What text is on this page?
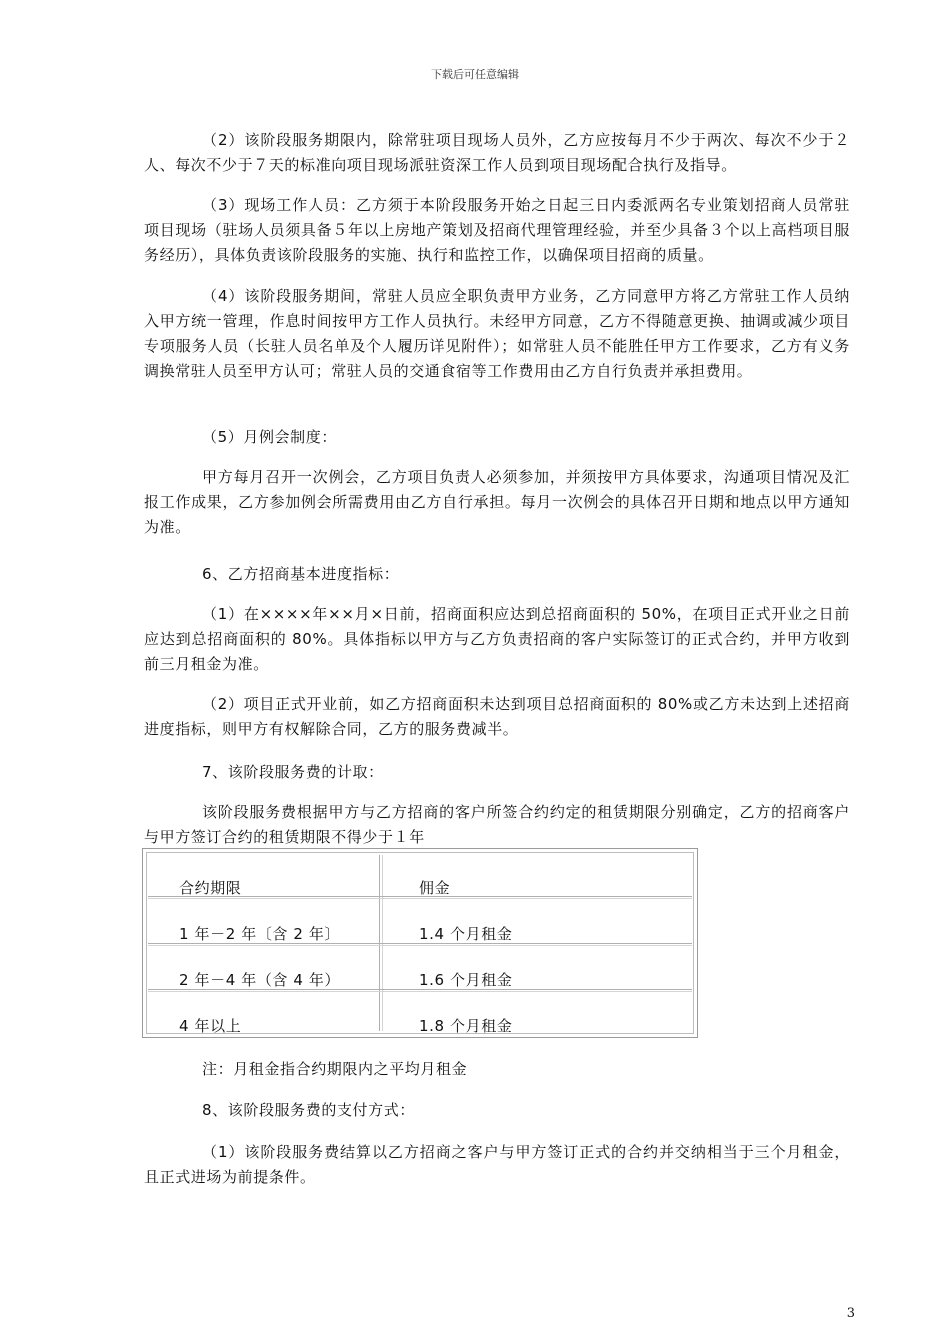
下载后可任意编辑
（2）该阶段服务期限内，除常驻项目现场人员外，乙方应按每月不少于两次、每次不少于２人、每次不少于７天的标准向项目现场派驻资深工作人员到项目现场配合执行及指导。
（3）现场工作人员：乙方须于本阶段服务开始之日起三日内委派两名专业策划招商人员常驻项目现场（驻场人员须具备５年以上房地产策划及招商代理管理经验，并至少具备３个以上高档项目服务经历），具体负责该阶段服务的实施、执行和监控工作，以确保项目招商的质量。
（4）该阶段服务期间，常驻人员应全职负责甲方业务，乙方同意甲方将乙方常驻工作人员纳入甲方统一管理，作息时间按甲方工作人员执行。未经甲方同意，乙方不得随意更换、抽调或减少项目专项服务人员（长驻人员名单及个人履历详见附件）；如常驻人员不能胜任甲方工作要求，乙方有义务调换常驻人员至甲方认可；常驻人员的交通食宿等工作费用由乙方自行负责并承担费用。
（5）月例会制度：
甲方每月召开一次例会，乙方项目负责人必须参加，并须按甲方具体要求，沟通项目情况及汇报工作成果，乙方参加例会所需费用由乙方自行承担。每月一次例会的具体召开日期和地点以甲方通知为准。
6、乙方招商基本进度指标：
（1）在××××年××月×日前，招商面积应达到总招商面积的 50%，在项目正式开业之日前应达到总招商面积的 80%。具体指标以甲方与乙方负责招商的客户实际签订的正式合约，并甲方收到前三月租金为准。
（2）项目正式开业前，如乙方招商面积未达到项目总招商面积的 80%或乙方未达到上述招商进度指标，则甲方有权解除合同，乙方的服务费减半。
7、该阶段服务费的计取：
该阶段服务费根据甲方与乙方招商的客户所签合约约定的租赁期限分别确定，乙方的招商客户与甲方签订合约的租赁期限不得少于１年
合约期限	佣金
1 年－2 年〔含 2 年〕	1.4 个月租金
2 年－4 年（含 4 年）	1.6 个月租金
4 年以上	1.8 个月租金
注：月租金指合约期限内之平均月租金
8、该阶段服务费的支付方式：
（1）该阶段服务费结算以乙方招商之客户与甲方签订正式的合约并交纳相当于三个月租金，且正式进场为前提条件。
3
